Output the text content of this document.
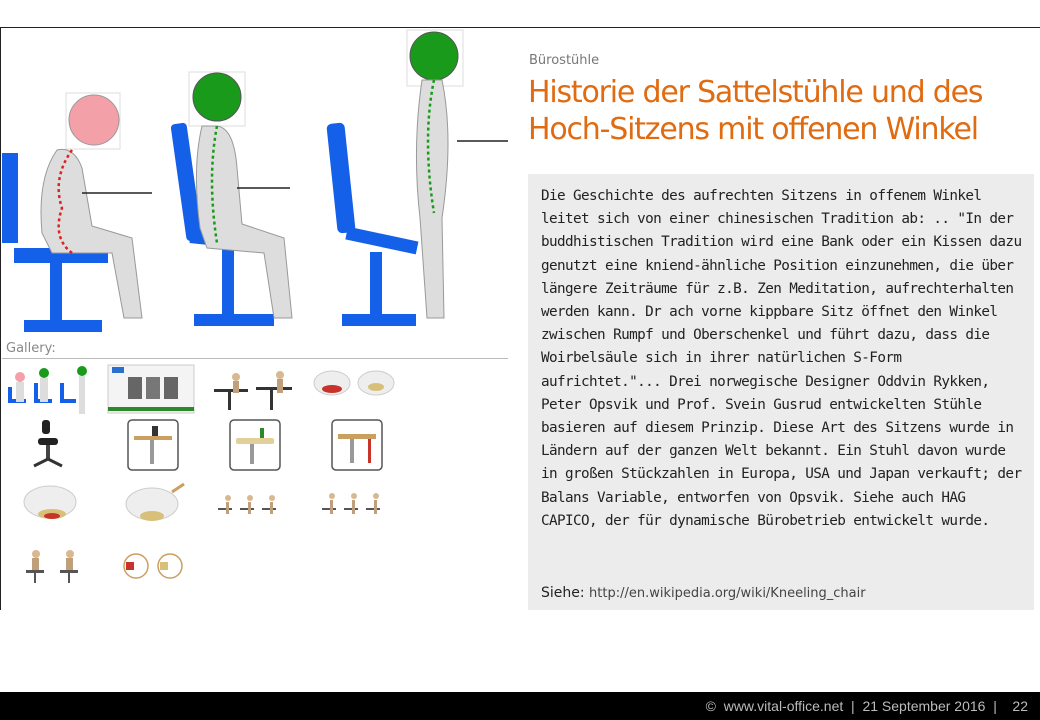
Gallery:
Bürostühle
Historie der Sattelstühle und des
Hoch-Sitzens mit offenen Winkel
Die Geschichte des aufrechten Sitzens in offenem Winkel leitet sich von einer chinesischen Tradition ab: .. "In der buddhistischen Tradition wird eine Bank oder ein Kissen dazu genutzt eine kniend-ähnliche Position einzunehmen, die über längere Zeiträume für z.B. Zen Meditation, aufrechterhalten werden kann. Dr ach vorne kippbare Sitz öffnet den Winkel zwischen Rumpf und Oberschenkel und führt dazu, dass die Woirbelsäule sich in ihrer natürlichen S-Form aufrichtet."... Drei norwegische Designer Oddvin Rykken, Peter Opsvik und Prof. Svein Gusrud entwickelten Stühle basieren auf diesem Prinzip. Diese Art des Sitzens wurde in Ländern auf der ganzen Welt bekannt. Ein Stuhl davon wurde in großen Stückzahlen in Europa, USA und Japan verkauft; der Balans Variable, entworfen von Opsvik. Siehe auch HAG CAPICO, der für dynamische Bürobetrieb entwickelt wurde.
Siehe: http://en.wikipedia.org/wiki/Kneeling_chair
©  www.vital-office.net  |  21 September 2016  |    22
